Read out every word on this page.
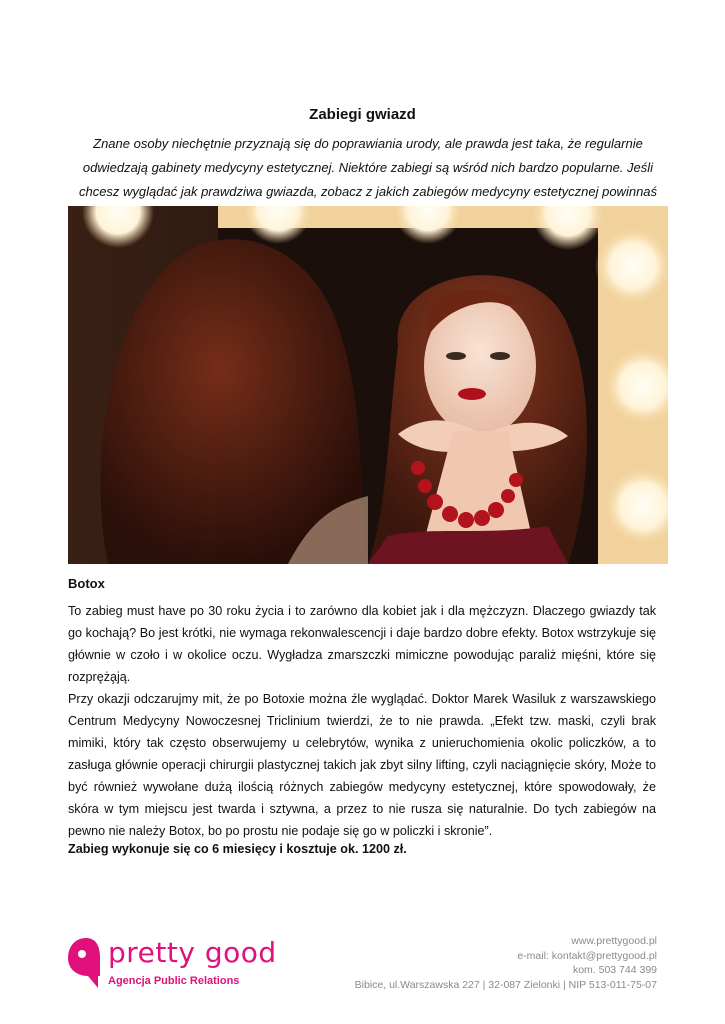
Zabiegi gwiazd

Znane osoby niechętnie przyznają się do poprawiania urody, ale prawda jest taka, że regularnie odwiedzają gabinety medycyny estetycznej. Niektóre zabiegi są wśród nich bardzo popularne. Jeśli chcesz wyglądać jak prawdziwa gwiazda, zobacz z jakich zabiegów medycyny estetycznej powinnaś

Botox

To zabieg must have po 30 roku życia i to zarówno dla kobiet jak i dla mężczyzn. Dlaczego gwiazdy tak go kochają? Bo jest krótki, nie wymaga rekonwalescencji i daje bardzo dobre efekty. Botox wstrzykuje się głównie w czoło i w okolice oczu. Wygładza zmarszczki mimiczne powodując paraliż mięśni, które się rozpręża̧ją.

Przy okazji odczarujmy mit, że po Botoxie można źle wyglądać. Doktor Marek Wasiluk z warszawskiego Centrum Medycyny Nowoczesnej Triclinium twierdzi, że to nie prawda. „Efekt tzw. maski, czyli brak mimiki, który tak często obserwujemy u celebrytów, wynika z unieruchomienia okolic policzków, a to zasługa głównie operacji chirurgii plastycznej takich jak zbyt silny lifting, czyli naciągnięcie skóry, Może to być również wywołane dużą ilością różnych zabiegów medycyny estetycznej, które spowodowały, że skóra w tym miejscu jest twarda i sztywna, a przez to nie rusza się naturalnie. Do tych zabiegów na pewno nie należy Botox, bo po prostu nie podaje się go w policzki i skronie”.

Zabieg wykonuje się co 6 miesięcy i kosztuje ok. 1200 zł.

pretty good
Agencja Public Relations
www.prettygood.pl
e-mail: kontakt@prettygood.pl
kom. 503 744 399
Bibice, ul.Warszawska 227 | 32-087 Zielonki | NIP 513-011-75-07
